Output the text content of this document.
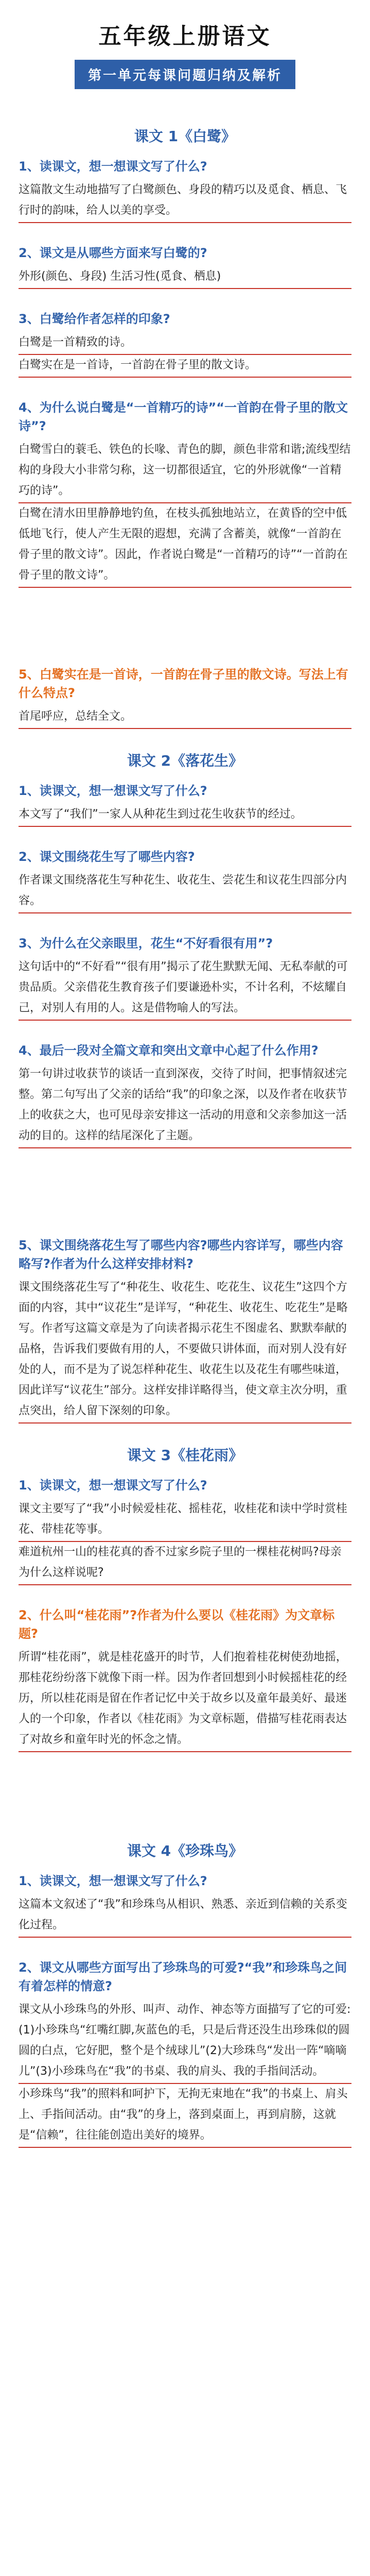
五年级上册语文
第一单元每课问题归纳及解析
课文 1《白鹭》

1、读课文，想一想课文写了什么?

这篇散文生动地描写了白鹭颜色、身段的精巧以及觅食、栖息、飞行时的韵味，给人以美的享受。

2、课文是从哪些方面来写白鹭的?

外形(颜色、身段) 生活习性(觅食、栖息)

3、白鹭给作者怎样的印象?

白鹭是一首精致的诗。
白鹭实在是一首诗，一首韵在骨子里的散文诗。

4、为什么说白鹭是“一首精巧的诗”“一首韵在骨子里的散文诗”?

白鹭雪白的蓑毛、铁色的长喙、青色的脚，颜色非常和谐;流线型结构的身段大小非常匀称，这一切都很适宜，它的外形就像“一首精巧的诗”。
白鹭在清水田里静静地钓鱼，在枝头孤独地站立，在黄昏的空中低低地飞行，使人产生无限的遐想，充满了含蓄美，就像“一首韵在骨子里的散文诗”。因此，作者说白鹭是“一首精巧的诗”“一首韵在骨子里的散文诗”。

5、白鹭实在是一首诗，一首韵在骨子里的散文诗。写法上有什么特点?

首尾呼应，总结全文。
课文 2《落花生》

1、读课文，想一想课文写了什么?

本文写了“我们”一家人从种花生到过花生收获节的经过。

2、课文围绕花生写了哪些内容?

作者课文围绕落花生写种花生、收花生、尝花生和议花生四部分内容。

3、为什么在父亲眼里，花生“不好看很有用”?

这句话中的“不好看”“很有用”揭示了花生默默无闻、无私奉献的可贵品质。父亲借花生教育孩子们要谦逊朴实，不计名利，不炫耀自己，对别人有用的人。这是借物喻人的写法。

4、最后一段对全篇文章和突出文章中心起了什么作用?

第一句讲过收获节的谈话一直到深夜，交待了时间，把事情叙述完整。第二句写出了父亲的话给“我”的印象之深，以及作者在收获节上的收获之大，也可见母亲安排这一活动的用意和父亲参加这一活动的目的。这样的结尾深化了主题。

5、课文围绕落花生写了哪些内容?哪些内容详写，哪些内容略写?作者为什么这样安排材料?

课文围绕落花生写了“种花生、收花生、吃花生、议花生”这四个方面的内容，其中“议花生”是详写，“种花生、收花生、吃花生”是略写。作者写这篇文章是为了向读者揭示花生不图虚名、默默奉献的品格，告诉我们要做有用的人，不要做只讲体面，而对别人没有好处的人，而不是为了说怎样种花生、收花生以及花生有哪些味道，因此详写“议花生”部分。这样安排详略得当，使文章主次分明，重点突出，给人留下深刻的印象。
课文 3《桂花雨》

1、读课文，想一想课文写了什么?

课文主要写了“我”小时候爱桂花、摇桂花，收桂花和读中学时赏桂花、带桂花等事。
难道杭州一山的桂花真的香不过家乡院子里的一棵桂花树吗?母亲为什么这样说呢?

2、什么叫“桂花雨”?作者为什么要以《桂花雨》为文章标题?

所谓“桂花雨”，就是桂花盛开的时节，人们抱着桂花树使劲地摇，那桂花纷纷落下就像下雨一样。因为作者回想到小时候摇桂花的经历，所以桂花雨是留在作者记忆中关于故乡以及童年最美好、最迷人的一个印象，作者以《桂花雨》为文章标题，借描写桂花雨表达了对故乡和童年时光的怀念之情。
课文 4《珍珠鸟》

1、读课文，想一想课文写了什么?

这篇本文叙述了“我”和珍珠鸟从相识、熟悉、亲近到信赖的关系变化过程。

2、课文从哪些方面写出了珍珠鸟的可爱?“我”和珍珠鸟之间有着怎样的情意?

课文从小珍珠鸟的外形、叫声、动作、神态等方面描写了它的可爱:(1)小珍珠鸟“红嘴红脚,灰蓝色的毛，只是后背还没生出珍珠似的圆圆的白点，它好肥，整个是个绒球儿”(2)大珍珠鸟“发出一阵“嘀嘀儿”(3)小珍珠鸟在“我”的书桌、我的肩头、我的手指间活动。
小珍珠鸟“我”的照料和呵护下，无拘无束地在“我”的书桌上、肩头上、手指间活动。由“我”的身上，落到桌面上，再到肩膀，这就是“信赖”，往往能创造出美好的境界。
